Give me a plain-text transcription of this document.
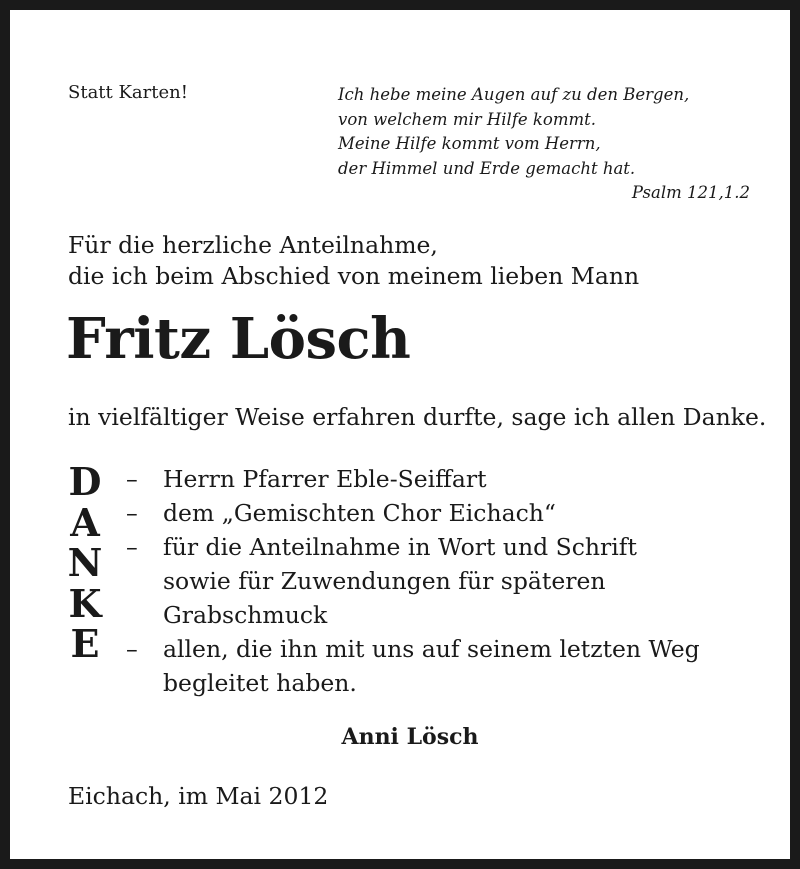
Statt Karten!	Ich hebe meine Augen auf zu den Bergen,
von welchem mir Hilfe kommt.
Meine Hilfe kommt vom Herrn,
der Himmel und Erde gemacht hat.
Psalm 121,1.2
Für die herzliche Anteilnahme,
die ich beim Abschied von meinem lieben Mann
Fritz Lösch
in vielfältiger Weise erfahren durfte, sage ich allen Danke.
D
A
N
K
E
–	Herrn Pfarrer Eble-Seiffart
–	dem „Gemischten Chor Eichach“
–	für die Anteilnahme in Wort und Schrift
sowie für Zuwendungen für späteren
Grabschmuck
–	allen, die ihn mit uns auf seinem letzten Weg
begleitet haben.
Anni Lösch
Eichach, im Mai 2012
